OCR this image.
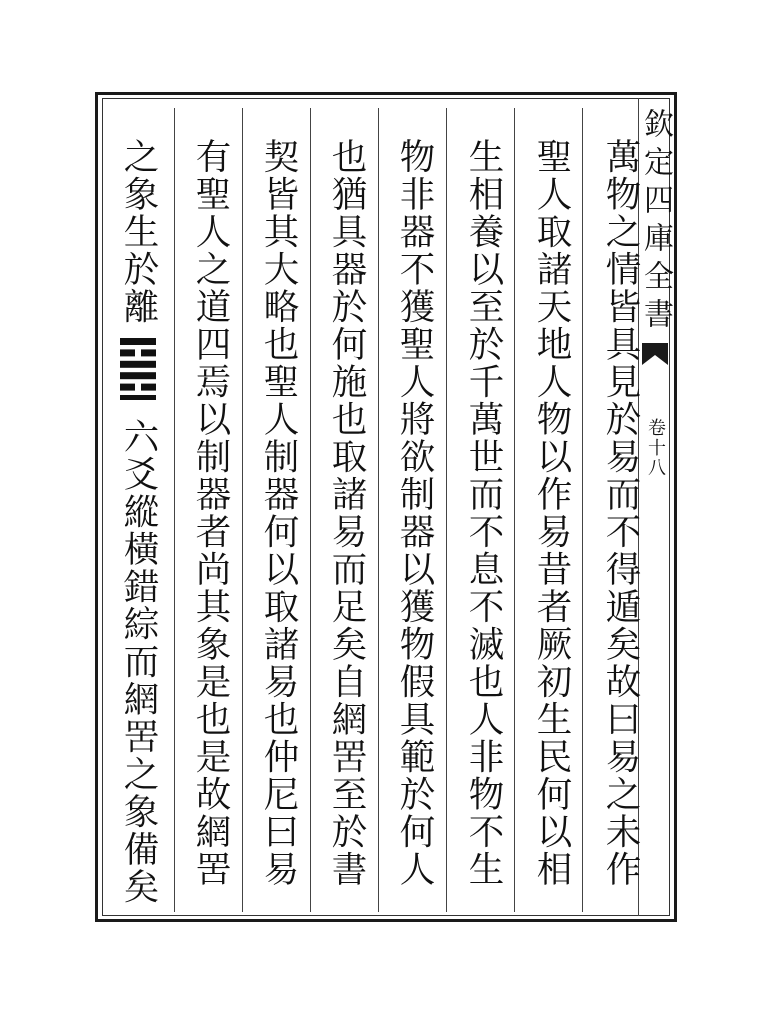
欽定四庫全書
卷十八
萬物之情皆具見於易而不得遁矣故曰易之未作
聖人取諸天地人物以作易昔者厥初生民何以相
生相養以至於千萬世而不息不滅也人非物不生
物非器不獲聖人將欲制器以獲物假具範於何人
也猶具器於何施也取諸易而足矣自網罟至於書
契皆其大略也聖人制器何以取諸易也仲尼曰易
有聖人之道四焉以制器者尚其象是也是故網罟
之象生於離
六爻縱橫錯綜而網罟之象備矣
